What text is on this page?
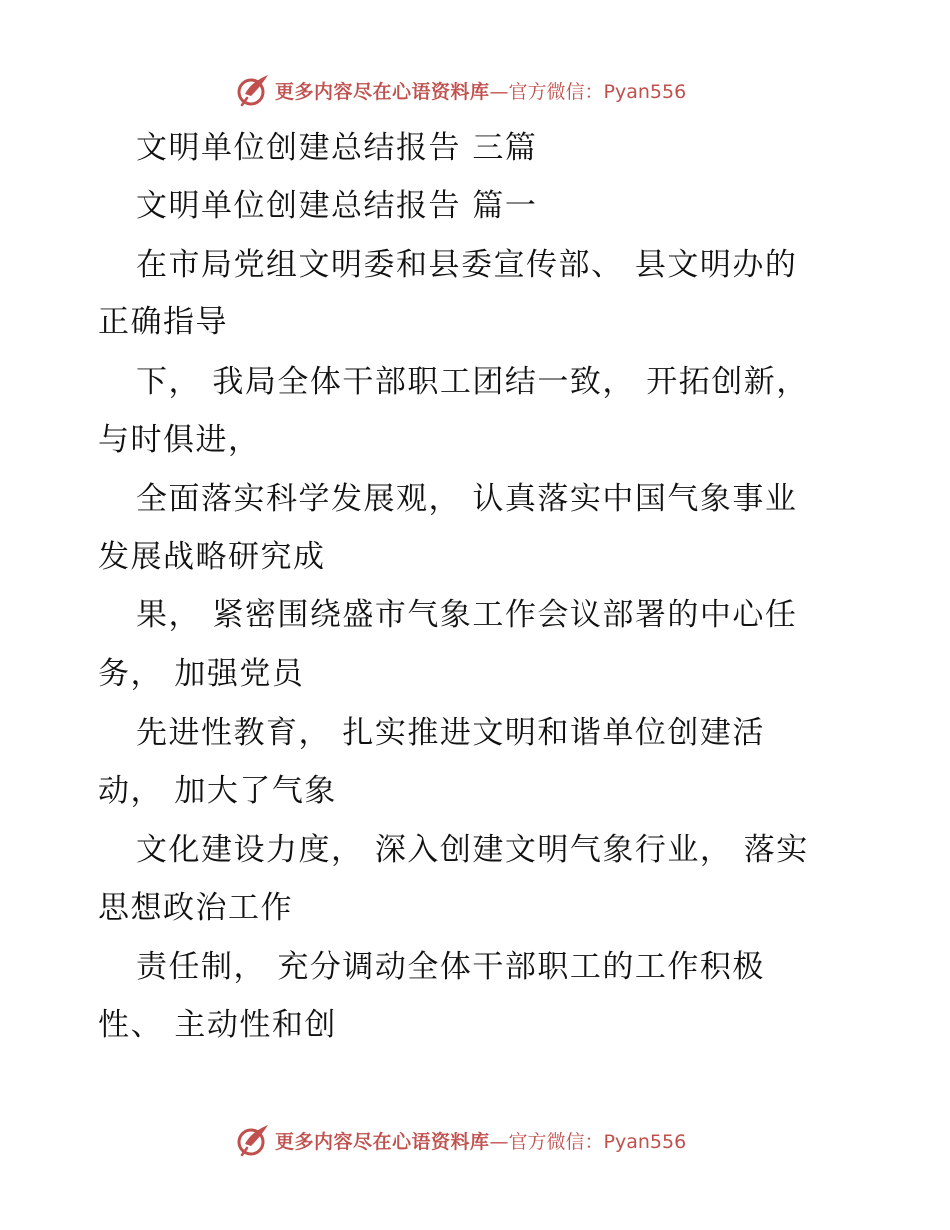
更多内容尽在心语资料库 —官方微信：Pyan556
文明单位创建总结报告 三篇
文明单位创建总结报告 篇一
在市局党组文明委和县委宣传部、 县文明办的
正确指导
下， 我局全体干部职工团结一致， 开拓创新，
与时俱进，
全面落实科学发展观， 认真落实中国气象事业
发展战略研究成
果， 紧密围绕盛市气象工作会议部署的中心任
务， 加强党员
先进性教育， 扎实推进文明和谐单位创建活
动， 加大了气象
文化建设力度， 深入创建文明气象行业， 落实
思想政治工作
责任制， 充分调动全体干部职工的工作积极
性、 主动性和创
更多内容尽在心语资料库 —官方微信：Pyan556
